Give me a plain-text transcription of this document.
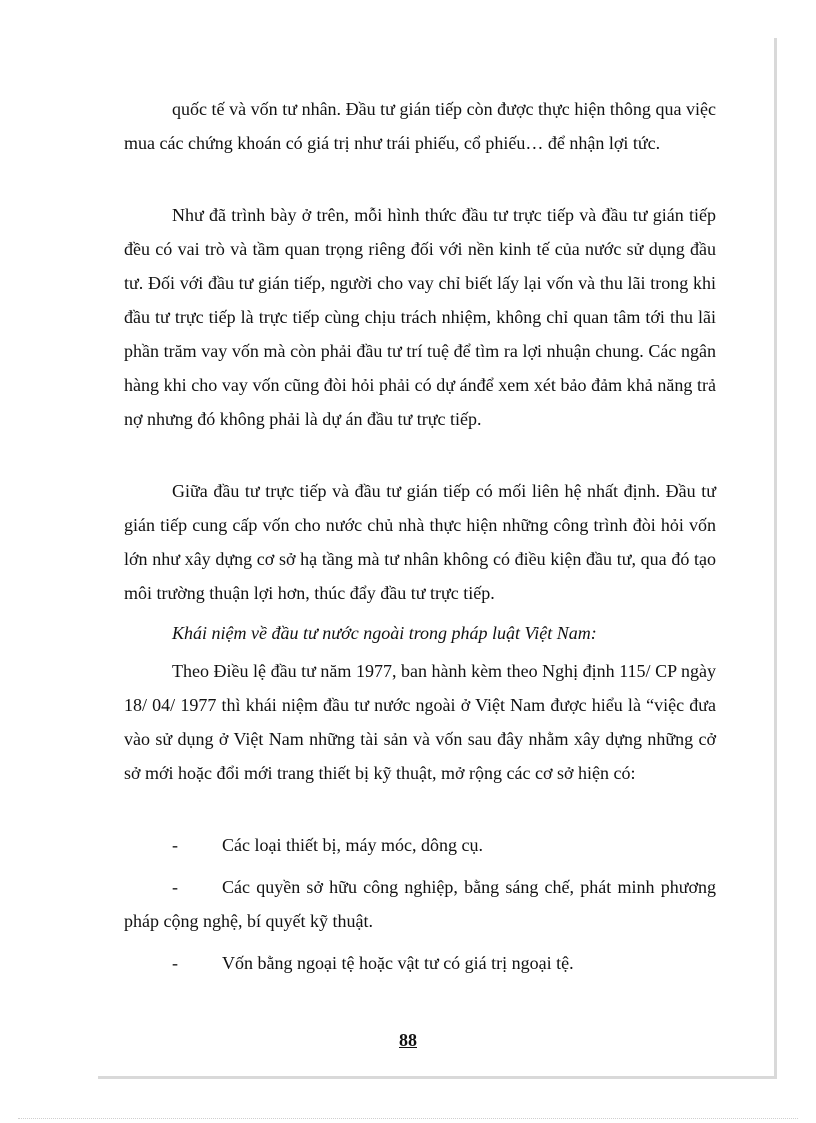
quốc tế và vốn tư nhân. Đầu tư gián tiếp còn được thực hiện thông qua việc mua các chứng khoán có giá trị như trái phiếu, cổ phiếu… để nhận lợi tức.

Như đã trình bày ở trên, mỗi hình thức đầu tư trực tiếp và đầu tư gián tiếp đều có vai trò và tầm quan trọng riêng đối với nền kinh tế của nước sử dụng đầu tư. Đối với đầu tư gián tiếp, người cho vay chỉ biết lấy lại vốn và thu lãi trong khi đầu tư trực tiếp là trực tiếp cùng chịu trách nhiệm, không chỉ quan tâm tới thu lãi phần trăm vay vốn mà còn phải đầu tư trí tuệ để tìm ra lợi nhuận chung. Các ngân hàng khi cho vay vốn cũng đòi hỏi phải có dự ánđể xem xét bảo đảm khả năng trả nợ nhưng đó không phải là dự án đầu tư trực tiếp.

Giữa đầu tư trực tiếp và đầu tư gián tiếp có mối liên hệ nhất định. Đầu tư gián tiếp cung cấp vốn cho nước chủ nhà thực hiện những công trình đòi hỏi vốn lớn như xây dựng cơ sở hạ tầng mà tư nhân không có điều kiện đầu tư, qua đó tạo môi trường thuận lợi hơn, thúc đẩy đầu tư trực tiếp.

Khái niệm về đầu tư nước ngoài trong pháp luật Việt Nam:

Theo Điều lệ đầu tư năm 1977, ban hành kèm theo Nghị định 115/ CP ngày 18/ 04/ 1977 thì khái niệm đầu tư nước ngoài ở Việt Nam được hiểu là “việc đưa vào sử dụng ở Việt Nam những tài sản và vốn sau đây nhằm xây dựng những cở sở mới hoặc đổi mới trang thiết bị kỹ thuật, mở rộng các cơ sở hiện có:

-	Các loại thiết bị, máy móc, dông cụ.

-	Các quyền sở hữu công nghiệp, bằng sáng chế, phát minh phương pháp cộng nghệ, bí quyết kỹ thuật.

-	Vốn bằng ngoại tệ hoặc vật tư có giá trị ngoại tệ.

88
